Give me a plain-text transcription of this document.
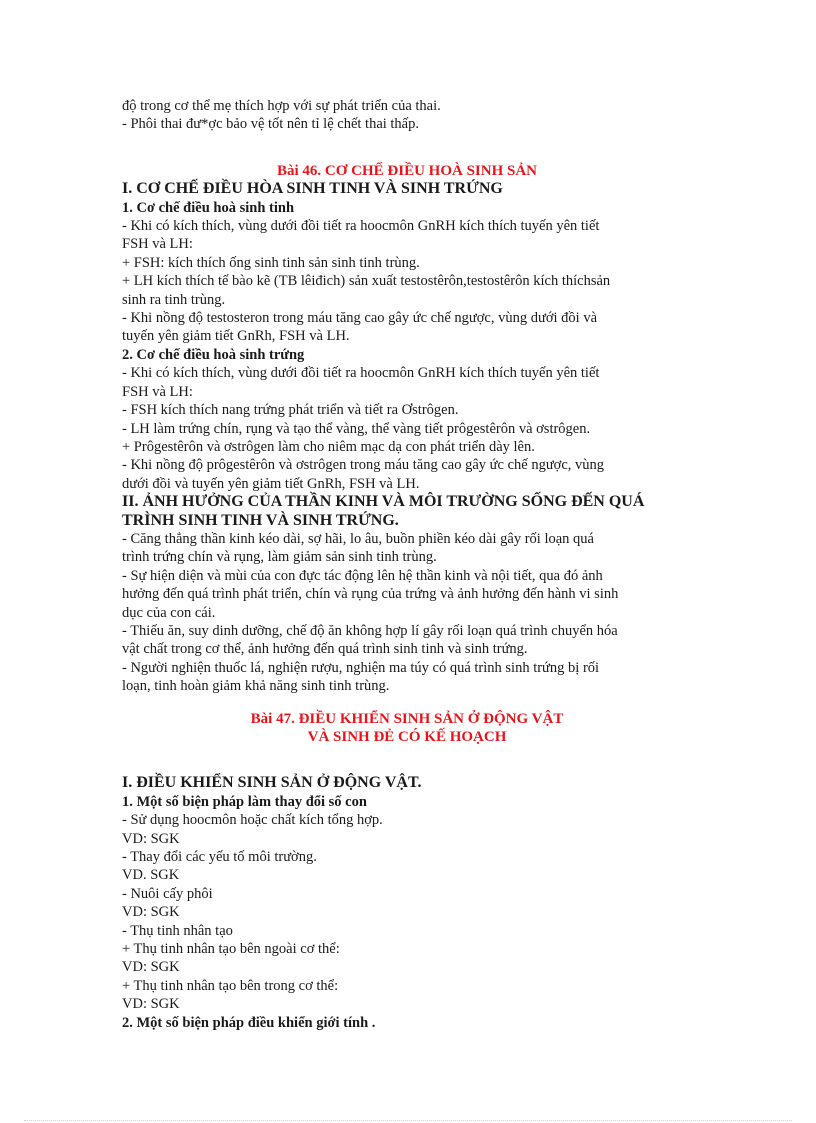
độ trong cơ thể mẹ thích hợp với sự phát triển của thai.

- Phôi thai đư*ợc bảo vệ tốt nên tỉ lệ chết thai thấp.

Bài 46. CƠ CHẾ ĐIỀU HOÀ SINH SẢN

I. CƠ CHẾ ĐIỀU HÒA SINH TINH VÀ SINH TRỨNG

1. Cơ chế điều hoà sinh tinh

- Khi có kích thích, vùng dưới đồi tiết ra hoocmôn GnRH kích thích tuyến yên tiết

FSH và LH:

+ FSH: kích thích ống sinh tinh sản sinh tinh trùng.

+ LH kích thích tế bào kẽ (TB lêiđich) sản xuất testostêrôn,testostêrôn kích thíchsản

sinh ra tinh trùng.

- Khi nồng độ testosteron trong máu tăng cao gây ức chế ngược, vùng dưới đồi và

tuyến yên giảm tiết GnRh, FSH và LH.

2. Cơ chế điều hoà sinh trứng

- Khi có kích thích, vùng dưới đồi tiết ra hoocmôn GnRH kích thích tuyến yên tiết

FSH và LH:

- FSH kích thích nang trứng phát triển và tiết ra Ơstrôgen.

- LH làm trứng chín, rụng và tạo thể vàng, thể vàng tiết prôgestêrôn và ơstrôgen.

+ Prôgestêrôn và ơstrôgen làm cho niêm mạc dạ con phát triển dày lên.

- Khi nồng độ prôgestêrôn và ơstrôgen trong máu tăng cao gây ức chế ngược, vùng

dưới đồi và tuyến yên giảm tiết GnRh, FSH và LH.

II. ẢNH HƯỞNG CỦA THẦN KINH VÀ MÔI TRƯỜNG SỐNG ĐẾN QUÁ

TRÌNH SINH TINH VÀ SINH TRỨNG.

- Căng thẳng thần kinh kéo dài, sợ hãi, lo âu, buồn phiền kéo dài gây rối loạn quá

trình trứng chín và rụng, làm giảm sản sinh tinh trùng.

- Sự hiện diện và mùi của con đực tác động lên hệ thần kinh và nội tiết, qua đó ảnh

hưởng đến quá trình phát triển, chín và rụng của trứng và ảnh hưởng đến hành vi sinh

dục của con cái.

- Thiếu ăn, suy dinh dưỡng, chế độ ăn không hợp lí gây rối loạn quá trình chuyển hóa

vật chất trong cơ thể, ảnh hưởng đến quá trình sinh tinh và sinh trứng.

- Người nghiện thuốc lá, nghiện rượu, nghiện ma túy có quá trình sinh trứng bị rối

loạn, tinh hoàn giảm khả năng sinh tinh trùng.

Bài 47. ĐIỀU KHIỂN SINH SẢN Ở ĐỘNG VẬT

VÀ SINH ĐẺ CÓ KẾ HOẠCH

I. ĐIỀU KHIỂN SINH SẢN Ở ĐỘNG VẬT.

1. Một số biện pháp làm thay đổi số con

- Sử dụng hoocmôn hoặc chất kích tổng hợp.

VD: SGK

- Thay đổi các yếu tố môi trường.

VD. SGK

- Nuôi cấy phôi

VD: SGK

- Thụ tinh nhân tạo

+ Thụ tinh nhân tạo bên ngoài cơ thể:

VD: SGK

+ Thụ tinh nhân tạo bên trong cơ thể:

VD: SGK

2. Một số biện pháp điều khiển giới tính .
